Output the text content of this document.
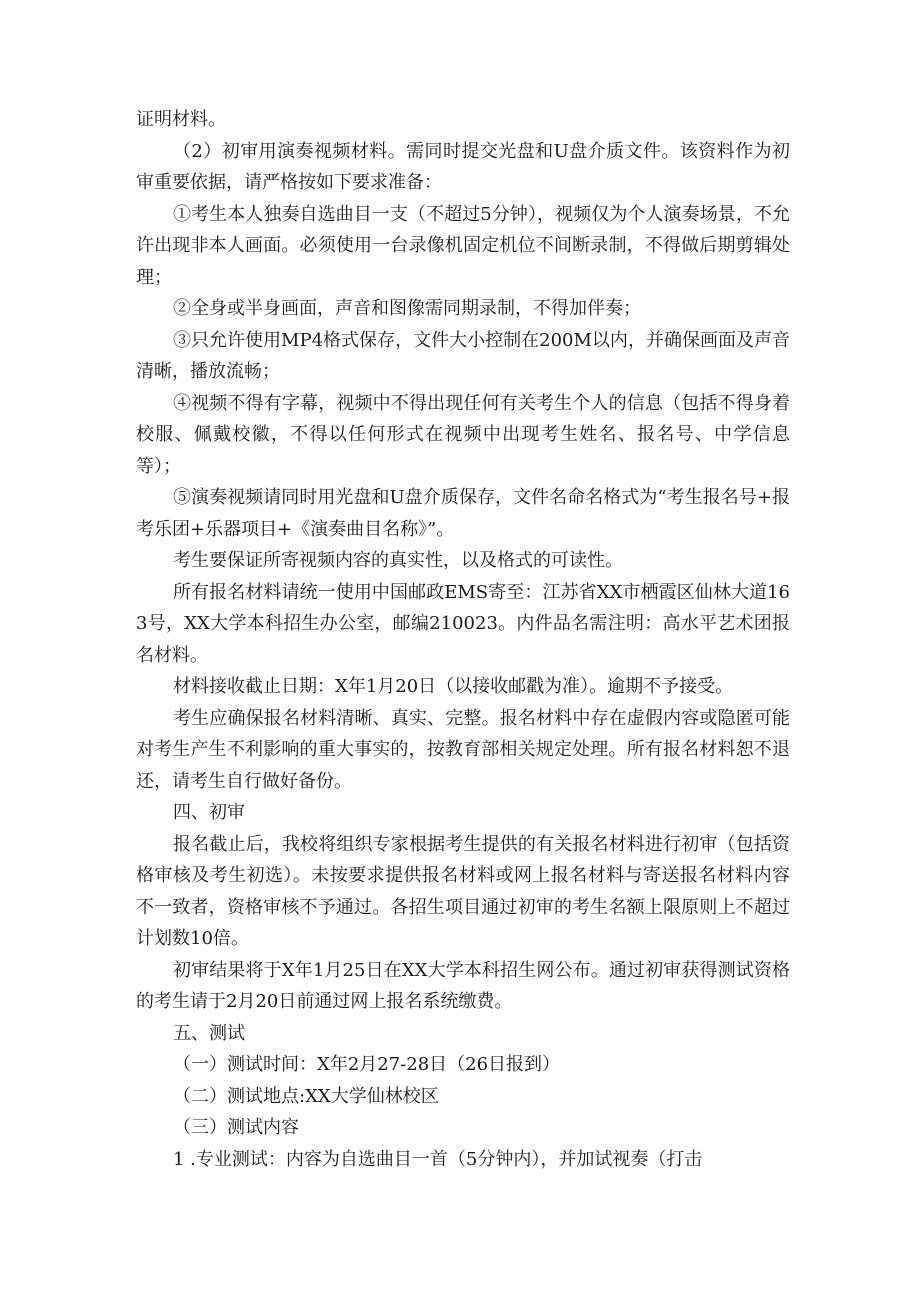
证明材料。

（2）初审用演奏视频材料。需同时提交光盘和U盘介质文件。该资料作为初审重要依据，请严格按如下要求准备：

①考生本人独奏自选曲目一支（不超过5分钟），视频仅为个人演奏场景，不允许出现非本人画面。必须使用一台录像机固定机位不间断录制，不得做后期剪辑处理；

②全身或半身画面，声音和图像需同期录制，不得加伴奏；

③只允许使用MP4格式保存，文件大小控制在200M以内，并确保画面及声音清晰，播放流畅；

④视频不得有字幕，视频中不得出现任何有关考生个人的信息（包括不得身着校服、佩戴校徽，不得以任何形式在视频中出现考生姓名、报名号、中学信息等）；

⑤演奏视频请同时用光盘和U盘介质保存，文件名命名格式为“考生报名号+报考乐团+乐器项目+《演奏曲目名称》”。

考生要保证所寄视频内容的真实性，以及格式的可读性。

所有报名材料请统一使用中国邮政EMS寄至：江苏省XX市栖霞区仙林大道163号，XX大学本科招生办公室，邮编210023。内件品名需注明：高水平艺术团报名材料。

材料接收截止日期：X年1月20日（以接收邮戳为准）。逾期不予接受。

考生应确保报名材料清晰、真实、完整。报名材料中存在虚假内容或隐匿可能对考生产生不利影响的重大事实的，按教育部相关规定处理。所有报名材料恕不退还，请考生自行做好备份。

四、初审

报名截止后，我校将组织专家根据考生提供的有关报名材料进行初审（包括资格审核及考生初选）。未按要求提供报名材料或网上报名材料与寄送报名材料内容不一致者，资格审核不予通过。各招生项目通过初审的考生名额上限原则上不超过计划数10倍。

初审结果将于X年1月25日在XX大学本科招生网公布。通过初审获得测试资格的考生请于2月20日前通过网上报名系统缴费。

五、测试

（一）测试时间：X年2月27-28日（26日报到）

（二）测试地点:XX大学仙林校区

（三）测试内容

1 .专业测试：内容为自选曲目一首（5分钟内），并加试视奏（打击
